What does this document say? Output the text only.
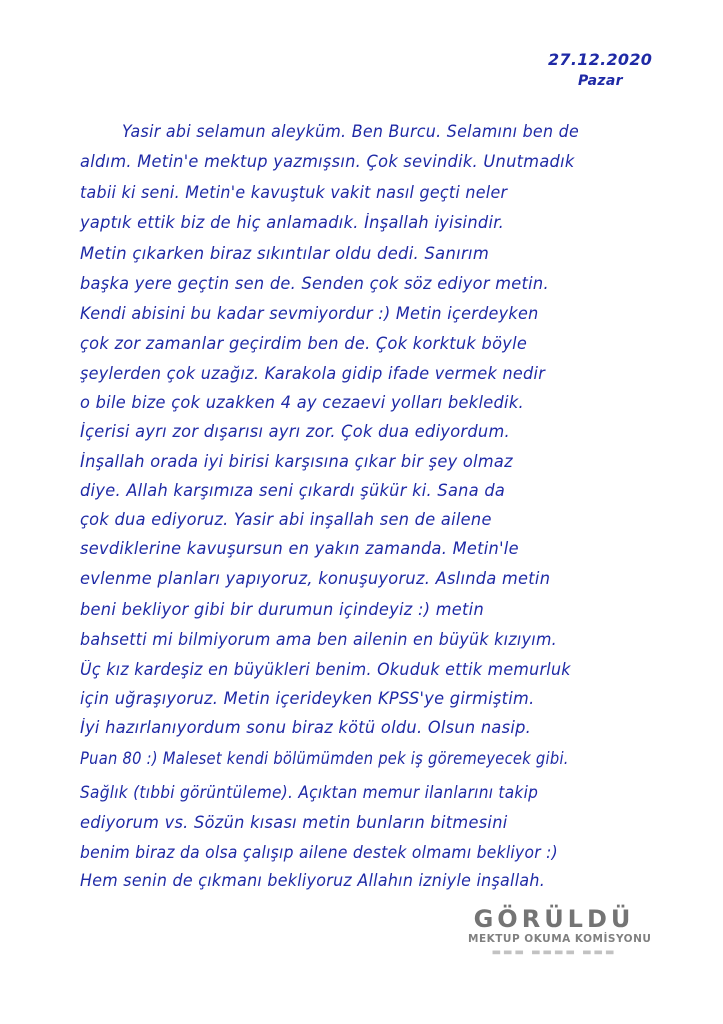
27.12.2020
Pazar
Yasir abi selamun aleyküm. Ben Burcu. Selamını ben de
aldım. Metin'e mektup yazmışsın. Çok sevindik. Unutmadık
tabii ki seni. Metin'e kavuştuk vakit nasıl geçti neler
yaptık ettik biz de hiç anlamadık. İnşallah iyisindir.
Metin çıkarken biraz sıkıntılar oldu dedi. Sanırım
başka yere geçtin sen de. Senden çok söz ediyor metin.
Kendi abisini bu kadar sevmiyordur :) Metin içerdeyken
çok zor zamanlar geçirdim ben de. Çok korktuk böyle
şeylerden çok uzağız. Karakola gidip ifade vermek nedir
o bile bize çok uzakken 4 ay cezaevi yolları bekledik.
İçerisi ayrı zor dışarısı ayrı zor. Çok dua ediyordum.
İnşallah orada iyi birisi karşısına çıkar bir şey olmaz
diye. Allah karşımıza seni çıkardı şükür ki. Sana da
çok dua ediyoruz. Yasir abi inşallah sen de ailene
sevdiklerine kavuşursun en yakın zamanda. Metin'le
evlenme planları yapıyoruz, konuşuyoruz. Aslında metin
beni bekliyor gibi bir durumun içindeyiz :) metin
bahsetti mi bilmiyorum ama ben ailenin en büyük kızıyım.
Üç kız kardeşiz en büyükleri benim. Okuduk ettik memurluk
için uğraşıyoruz. Metin içerideyken KPSS'ye girmiştim.
İyi hazırlanıyordum sonu biraz kötü oldu. Olsun nasip.
Puan 80 :) Maleset kendi bölümümden pek iş göremeyecek gibi.
Sağlık (tıbbi görüntüleme). Açıktan memur ilanlarını takip
ediyorum vs. Sözün kısası metin bunların bitmesini
benim biraz da olsa çalışıp ailene destek olmamı bekliyor :)
Hem senin de çıkmanı bekliyoruz Allahın izniyle inşallah.
GÖRÜLDÜ
MEKTUP OKUMA KOMİSYONU
▬▬▬ ▬▬▬▬ ▬▬▬
